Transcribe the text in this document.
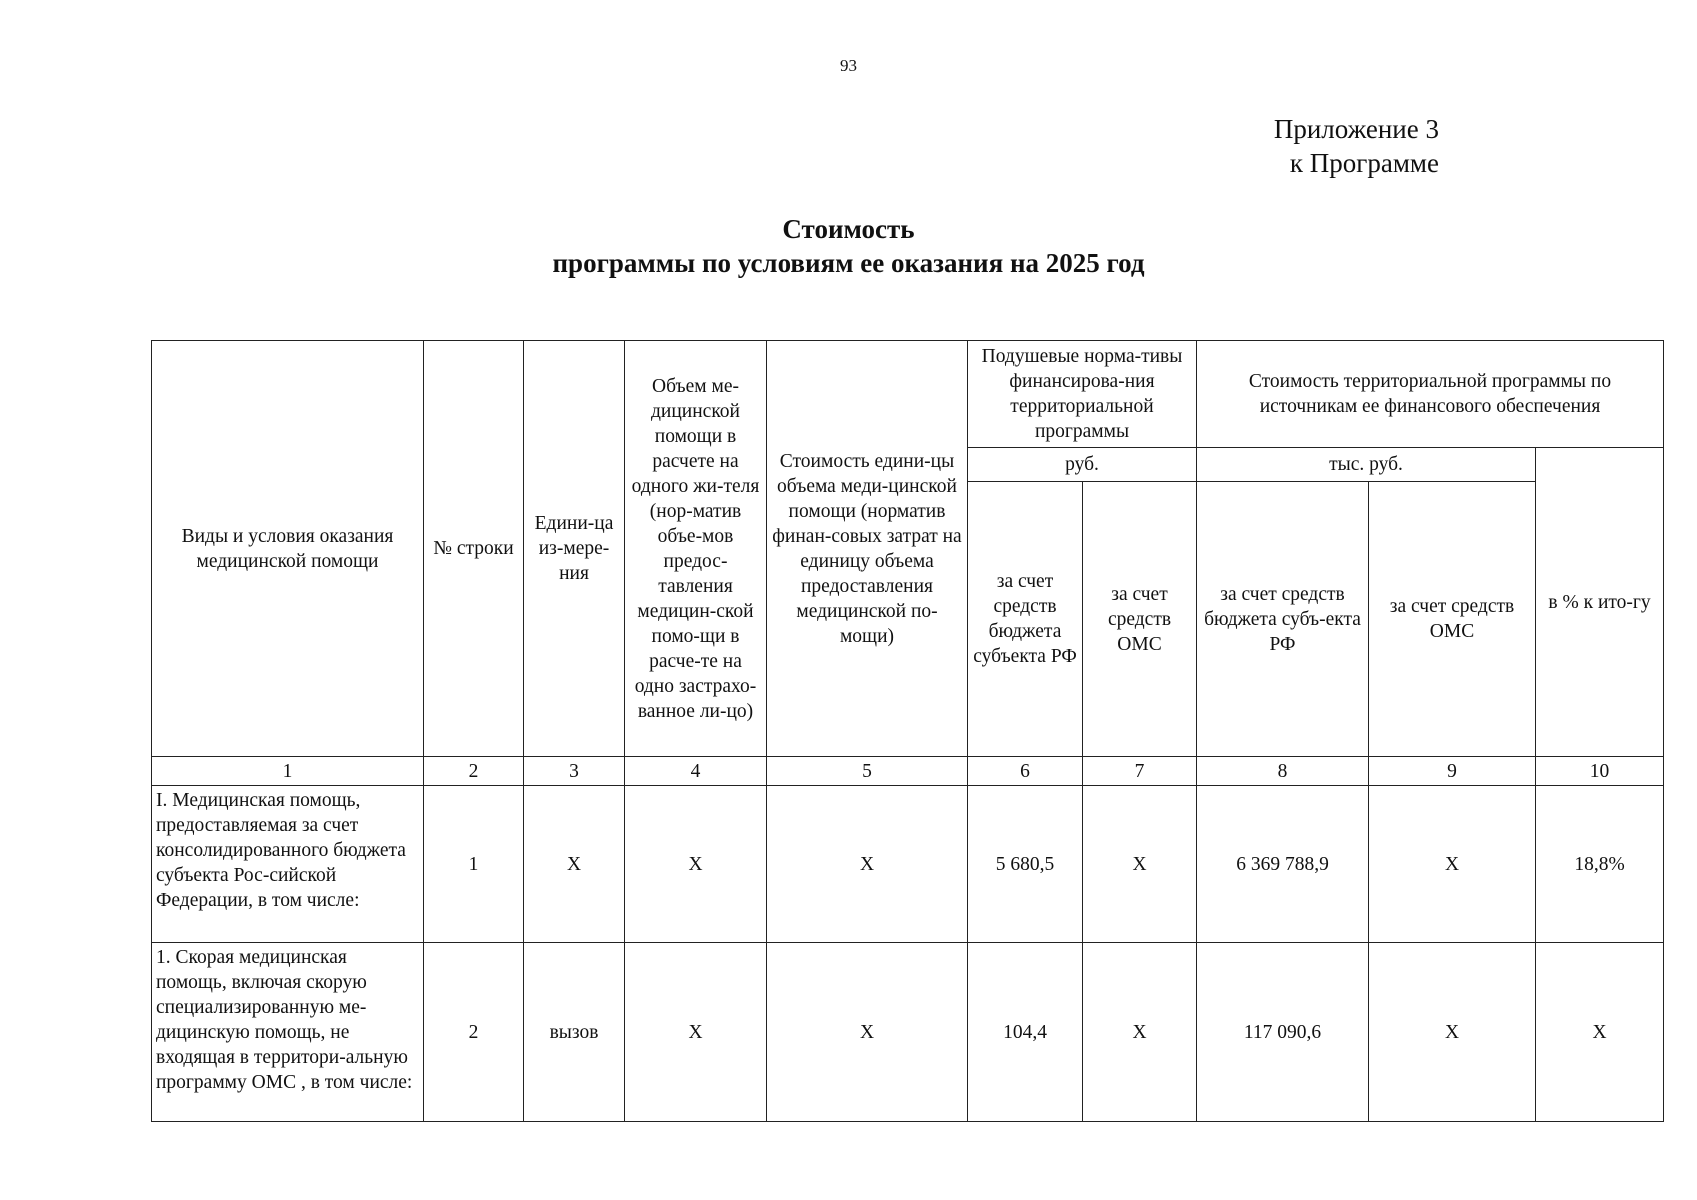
93
Приложение 3
к Программе
Стоимость
программы по условиям ее оказания на 2025 год
Виды и условия оказания медицинской помощи	№ строки	Едини-ца из-мере-ния	Объем ме-дицинской помощи в расчете на одного жи-теля (нор-матив объе-мов предос-тавления медицин-ской помо-щи в расче-те на одно застрахо-ванное ли-цо)	Стоимость едини-цы объема меди-цинской помощи (норматив финан-совых затрат на единицу объема предоставления медицинской по-мощи)	Подушевые норма-тивы финансирова-ния территориальной программы		Стоимость территориальной программы по источникам ее финансового обеспечения		
					руб.		тыс. руб.		в % к ито-гу
					за счет средств бюджета субъекта РФ	за счет средств ОМС	за счет средств бюджета субъ-екта РФ	за счет средств ОМС	
1	2	3	4	5	6	7	8	9	10
I. Медицинская помощь, предоставляемая за счет консолидированного бюджета субъекта Рос-сийской Федерации, в том числе:	1	X	X	X	5 680,5	X	6 369 788,9	X	18,8%
1. Скорая медицинская помощь, включая скорую специализированную ме-дицинскую помощь, не входящая в территори-альную программу ОМС , в том числе:	2	вызов	X	X	104,4	X	117 090,6	X	X
